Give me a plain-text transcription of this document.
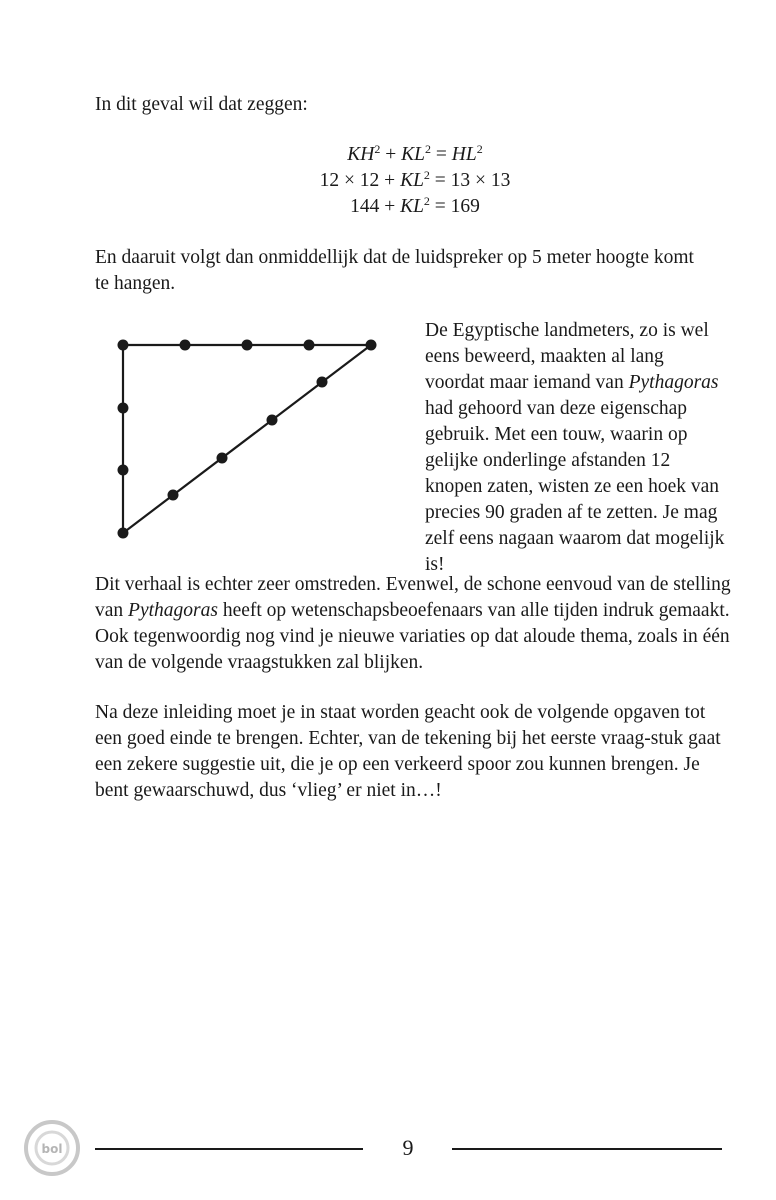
In dit geval wil dat zeggen:
$KH^2 + KL^2 = HL^2$
$12 \times 12 + KL^2 = 13 \times 13$
$144 + KL^2 = 169$
En daaruit volgt dan onmiddellijk dat de luidspreker op 5 meter hoogte komt te hangen.
De Egyptische landmeters, zo is wel eens beweerd, maakten al lang voordat maar iemand van Pythagoras had gehoord van deze eigenschap gebruik. Met een touw, waarin op gelijke onderlinge afstanden 12 knopen zaten, wisten ze een hoek van precies 90 graden af te zetten. Je mag zelf eens nagaan waarom dat mogelijk is!
Dit verhaal is echter zeer omstreden. Evenwel, de schone eenvoud van de stelling van Pythagoras heeft op wetenschapsbeoefenaars van alle tijden indruk gemaakt. Ook tegenwoordig nog vind je nieuwe variaties op dat aloude thema, zoals in één van de volgende vraagstukken zal blijken.
Na deze inleiding moet je in staat worden geacht ook de volgende opgaven tot een goed einde te brengen. Echter, van de tekening bij het eerste vraag-stuk gaat een zekere suggestie uit, die je op een verkeerd spoor zou kunnen brengen. Je bent gewaarschuwd, dus ‘vlieg’ er niet in…!
9
bol
